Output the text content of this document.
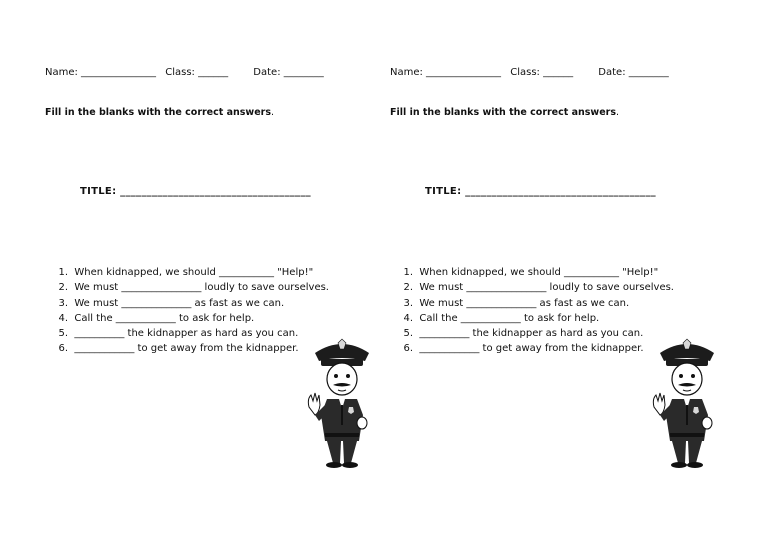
Name: _______________ Class: ______	Date: ________
Fill in the blanks with the correct answers.
TITLE: ____________________________________
1. When kidnapped, we should ___________ "Help!"
2. We must ________________ loudly to save ourselves.
3. We must ______________ as fast as we can.
4. Call the ____________ to ask for help.
5. __________ the kidnapper as hard as you can.
6. ____________ to get away from the kidnapper.
Name: _______________ Class: ______	Date: ________
Fill in the blanks with the correct answers.
TITLE: ____________________________________
1. When kidnapped, we should ___________ "Help!"
2. We must ________________ loudly to save ourselves.
3. We must ______________ as fast as we can.
4. Call the ____________ to ask for help.
5. __________ the kidnapper as hard as you can.
6. ____________ to get away from the kidnapper.
